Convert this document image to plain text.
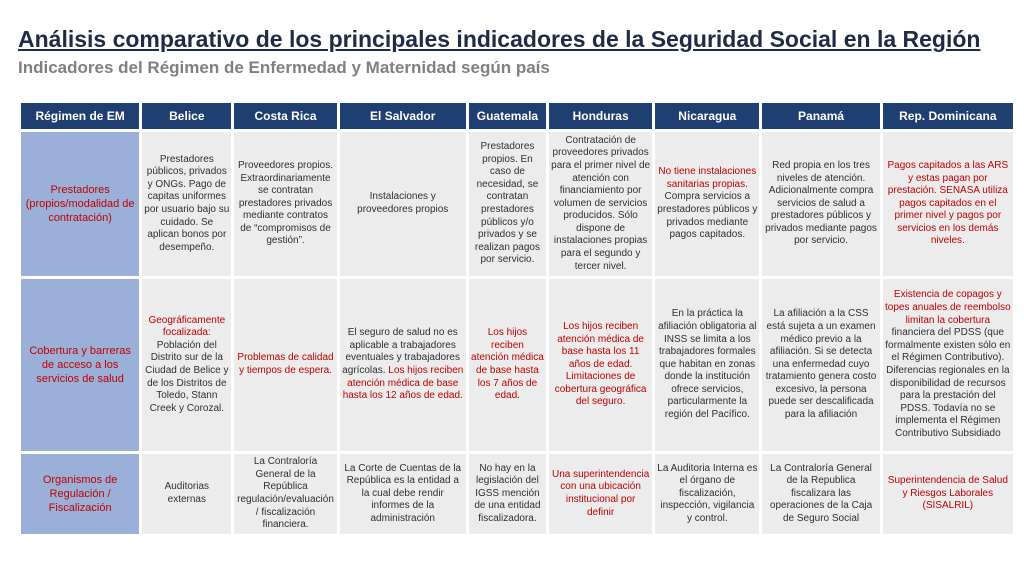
Análisis comparativo de los principales indicadores de la Seguridad Social en la Región
Indicadores del Régimen de Enfermedad y Maternidad según país
Régimen de EM	Belice	Costa Rica	El Salvador	Guatemala	Honduras	Nicaragua	Panamá	Rep. Dominicana
Prestadores (propios/modalidad de contratación)	Prestadores públicos, privados y ONGs. Pago de capitas uniformes por usuario bajo su cuidado. Se aplican bonos por desempeño.	Proveedores propios. Extraordinariamente se contratan prestadores privados mediante contratos de “compromisos de gestión”.	Instalaciones y proveedores propios	Prestadores propios. En caso de necesidad, se contratan prestadores públicos y/o privados y se realizan pagos por servicio.	Contratación de proveedores privados para el primer nivel de atención con financiamiento por volumen de servicios producidos. Sólo dispone de instalaciones propias para el segundo y tercer nivel.	No tiene instalaciones sanitarias propias. Compra servicios a prestadores públicos y privados mediante pagos capitados.	Red propia en los tres niveles de atención. Adicionalmente compra servicios de salud a prestadores públicos y privados mediante pagos por servicio.	Pagos capitados a las ARS y estas pagan por prestación. SENASA utiliza pagos capitados en el primer nivel y pagos por servicios en los demás niveles.
Cobertura y barreras de acceso a los servicios de salud	Geográficamente focalizada: Población del Distrito sur de la Ciudad de Belice y de los Distritos de Toledo, Stann Creek y Corozal.	Problemas de calidad y tiempos de espera.	El seguro de salud no es aplicable a trabajadores eventuales y trabajadores agrícolas. Los hijos reciben atención médica de base hasta los 12 años de edad.	Los hijos reciben atención médica de base hasta los 7 años de edad.	Los hijos reciben atención médica de base hasta los 11 años de edad. Limitaciones de cobertura geográfica del seguro.	En la práctica la afiliación obligatoria al INSS se limita a los trabajadores formales que habitan en zonas donde la institución ofrece servicios, particularmente la región del Pacífico.	La afiliación a la CSS está sujeta a un examen médico previo a la afiliación. Si se detecta una enfermedad cuyo tratamiento genera costo excesivo, la persona puede ser descalificada para la afiliación	Existencia de copagos y topes anuales de reembolso limitan la cobertura financiera del PDSS (que formalmente existen sólo en el Régimen Contributivo). Diferencias regionales en la disponibilidad de recursos para la prestación del PDSS. Todavía no se implementa el Régimen Contributivo Subsidiado
Organismos de Regulación / Fiscalización	Auditorias externas	La Contraloría General de la República regulación/evaluación / fiscalización financiera.	La Corte de Cuentas de la República es la entidad a la cual debe rendir informes de la administración	No hay en la legislación del IGSS mención de una entidad fiscalizadora.	Una superintendencia con una ubicación institucional por definir	La Auditoria Interna es el órgano de fiscalización, inspección, vigilancia y control.	La Contraloría General de la Republica fiscalizara las operaciones de la Caja de Seguro Social	Superintendencia de Salud y Riesgos Laborales (SISALRIL)
